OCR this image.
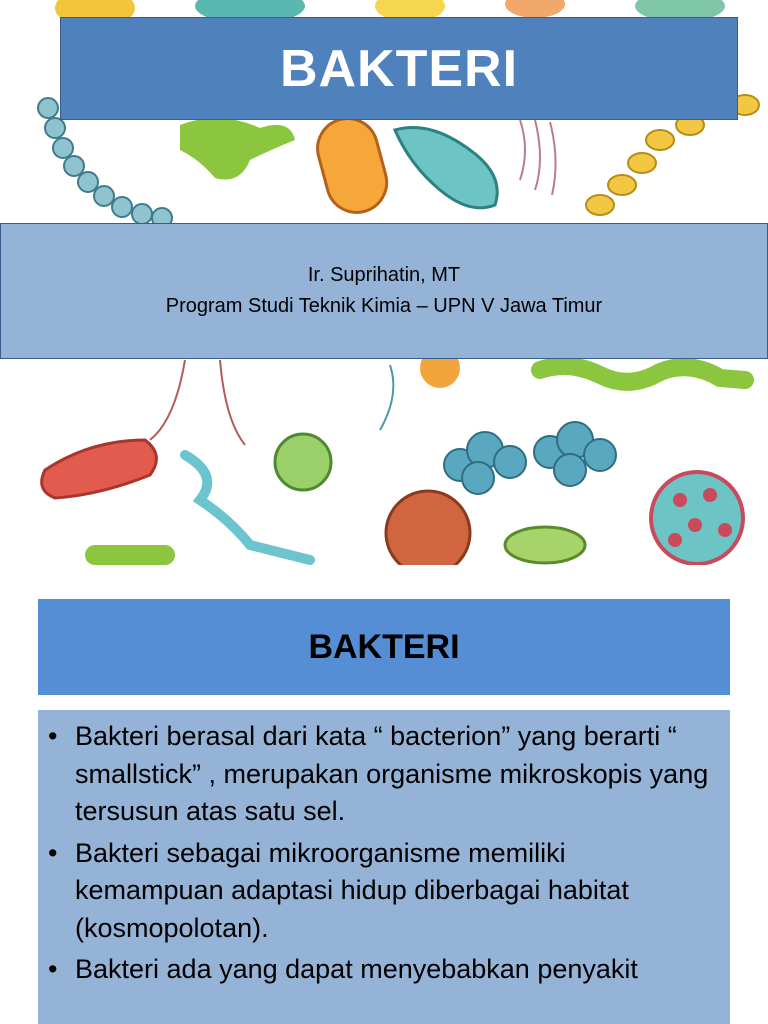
BAKTERI
Ir. Suprihatin, MT
Program Studi Teknik Kimia – UPN V Jawa Timur
BAKTERI
• Bakteri berasal dari kata “ bacterion” yang berarti “ smallstick” , merupakan organisme mikroskopis yang tersusun atas satu sel.
• Bakteri sebagai mikroorganisme memiliki kemampuan adaptasi hidup diberbagai habitat (kosmopolotan).
• Bakteri ada yang dapat menyebabkan penyakit
